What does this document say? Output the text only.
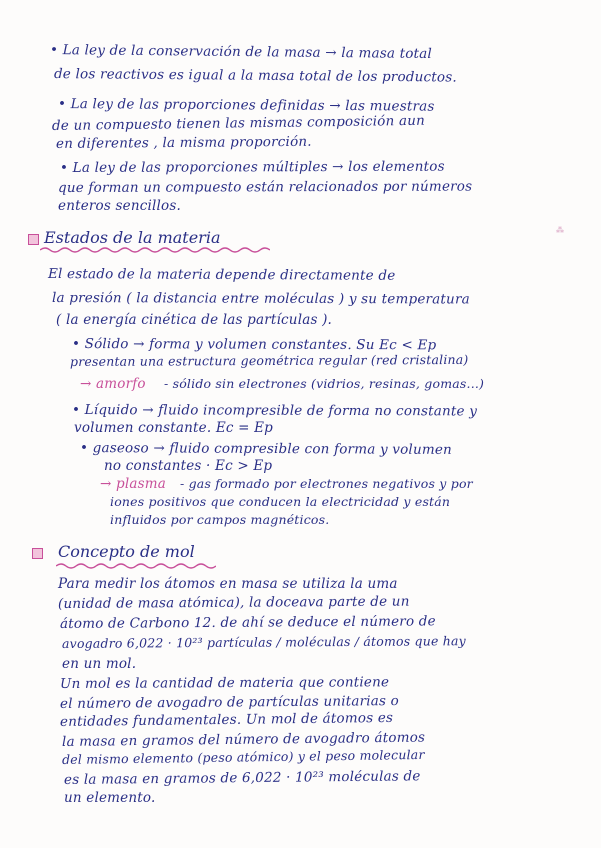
• La ley de la conservación de la masa → la masa total
de los reactivos es igual a la masa total de los productos.
• La ley de las proporciones definidas → las muestras
de un compuesto tienen las mismas composición aun
en diferentes , la misma proporción.
• La ley de las proporciones múltiples → los elementos
que forman un compuesto están relacionados por números
enteros sencillos.
⁂
Estados de la materia
El estado de la materia depende directamente de
la presión ( la distancia entre moléculas ) y su temperatura
( la energía cinética de las partículas ).
• Sólido → forma y volumen constantes. Su Ec < Ep
presentan una estructura geométrica regular (red cristalina)
→ amorfo - sólido sin electrones (vidrios, resinas, gomas...)
• Líquido → fluido incompresible de forma no constante y
volumen constante. Ec = Ep
• gaseoso → fluido compresible con forma y volumen
no constantes · Ec > Ep
→ plasma - gas formado por electrones negativos y por
iones positivos que conducen la electricidad y están
influidos por campos magnéticos.
Concepto de mol
Para medir los átomos en masa se utiliza la uma
(unidad de masa atómica), la doceava parte de un
átomo de Carbono 12. de ahí se deduce el número de
avogadro 6,022 · 10²³ partículas / moléculas / átomos que hay
en un mol.
Un mol es la cantidad de materia que contiene
el número de avogadro de partículas unitarias o
entidades fundamentales. Un mol de átomos es
la masa en gramos del número de avogadro átomos
del mismo elemento (peso atómico) y el peso molecular
es la masa en gramos de 6,022 · 10²³ moléculas de
un elemento.
